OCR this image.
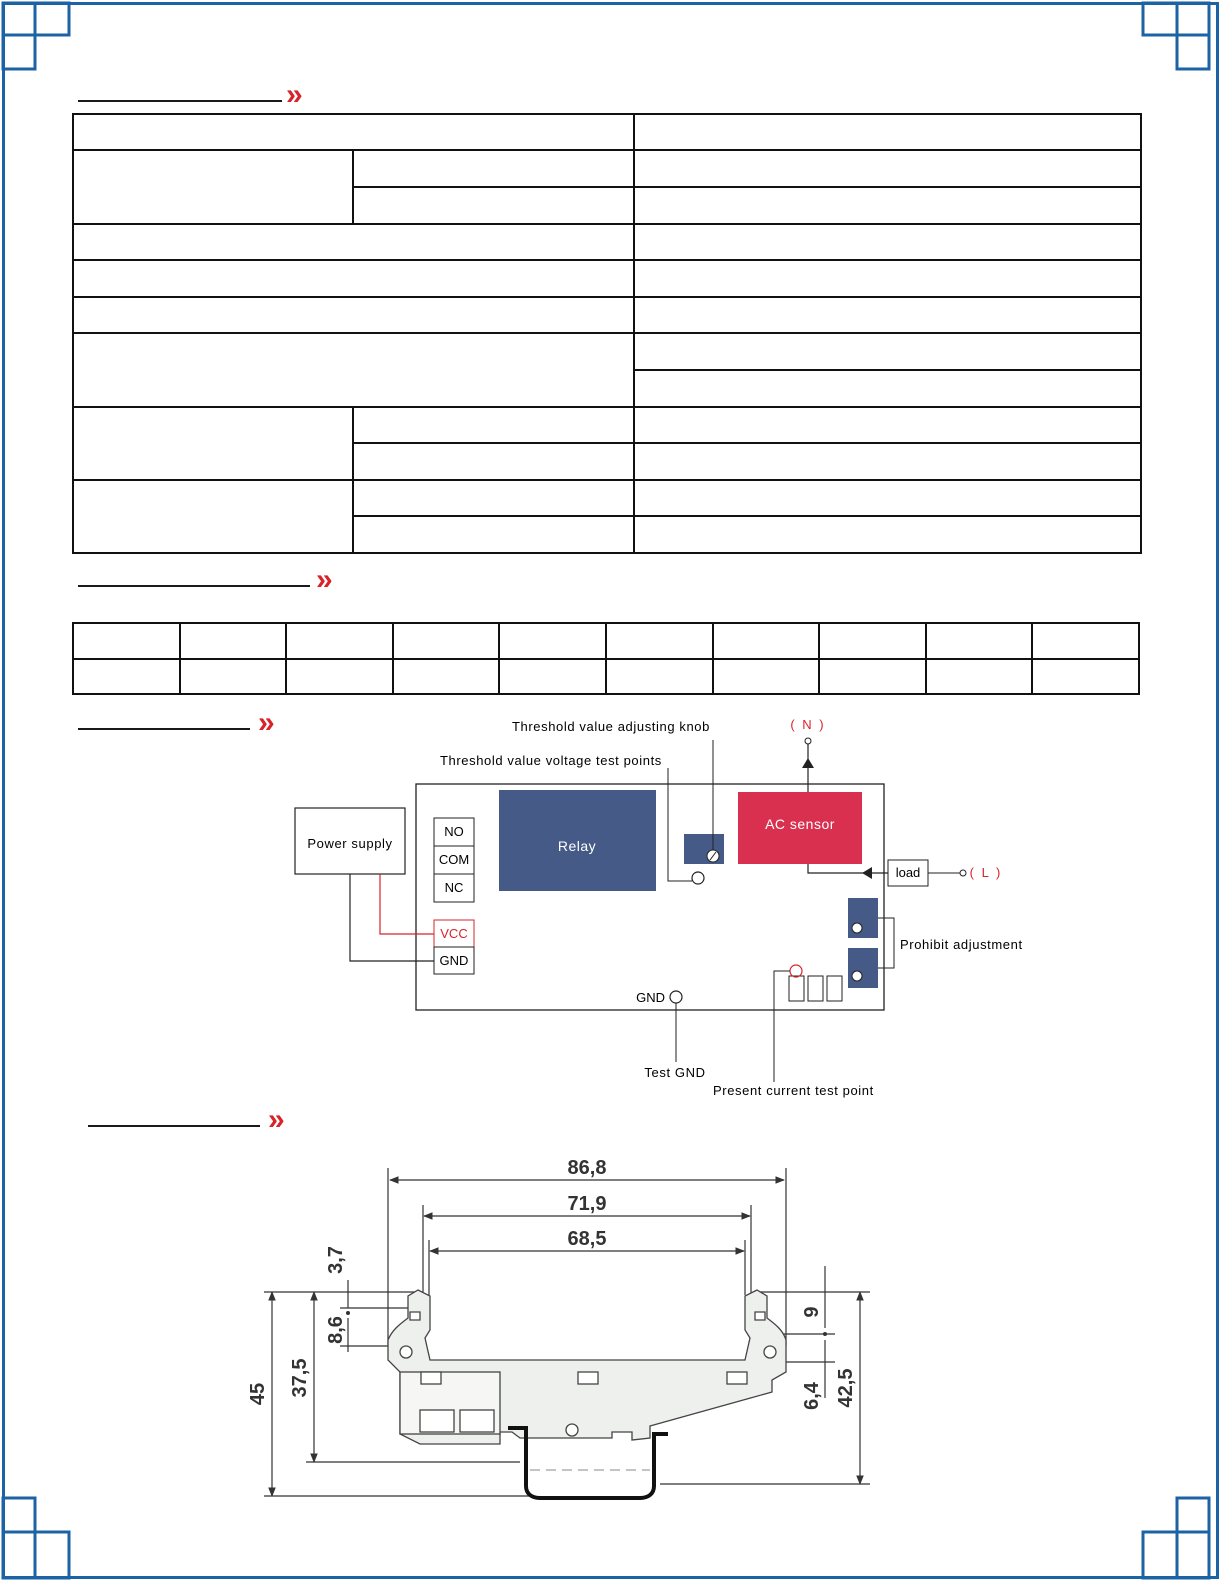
»

»

»
Power supply
NO
COM
NC
VCC
GND
Relay
Threshold value voltage test points
Threshold value adjusting knob
AC sensor
( N )
load	( L )
Prohibit adjustment
Present current test point
GND
Test GND
»
86,8
71,9
68,5
3,7
8,6
37,5
45
9
6,4 42,5
